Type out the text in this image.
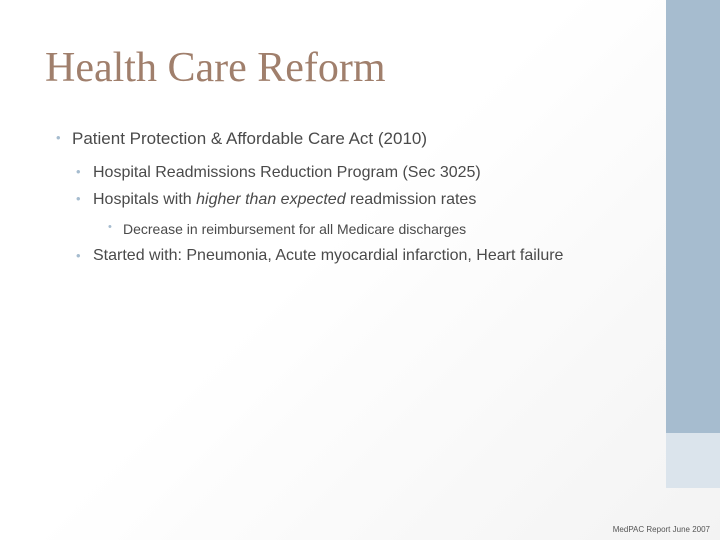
Health Care Reform
• Patient Protection & Affordable Care Act (2010)
• Hospital Readmissions Reduction Program (Sec 3025)
• Hospitals with higher than expected readmission rates
• Decrease in reimbursement for all Medicare discharges
• Started with: Pneumonia, Acute myocardial infarction, Heart failure
MedPAC Report June 2007
